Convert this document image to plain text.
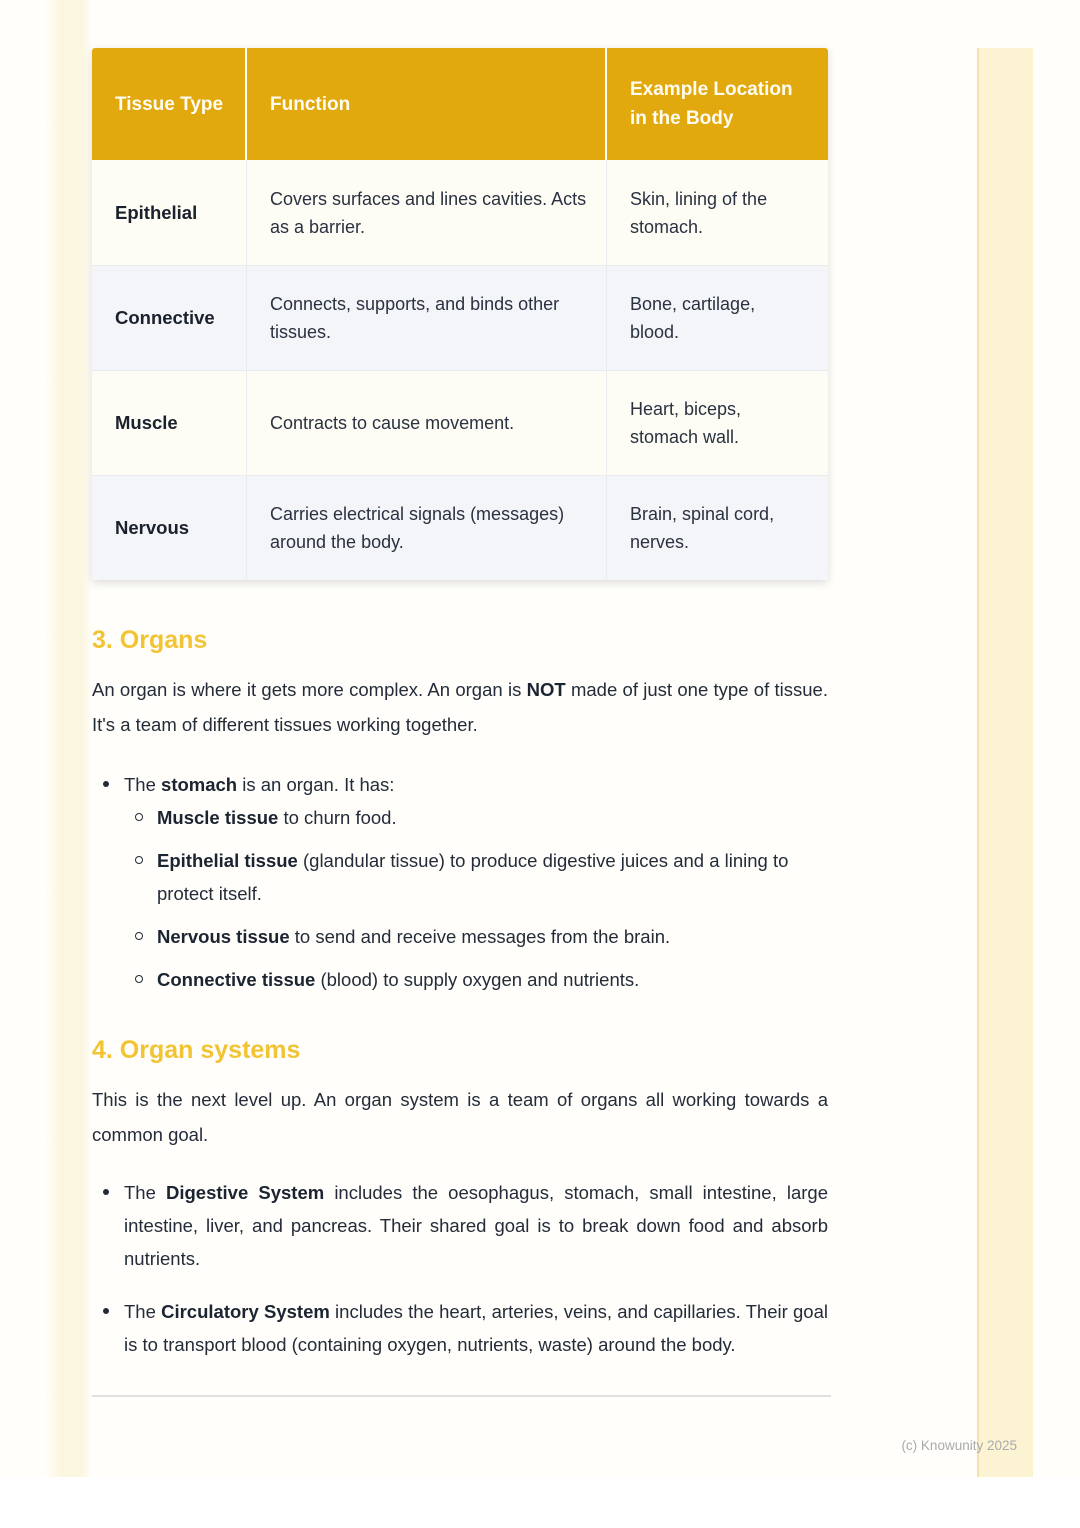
Tissue Type	Function
Example Location in the Body
Epithelial
Covers surfaces and lines cavities. Acts as a barrier.
Skin, lining of the stomach.
Connective
Connects, supports, and binds other tissues.
Bone, cartilage, blood.
Muscle	Contracts to cause movement.
Heart, biceps, stomach wall.
Nervous
Carries electrical signals (messages) around the body.
Brain, spinal cord, nerves.
3. Organs

An organ is where it gets more complex. An organ is NOT made of just one type of tissue. It's a team of different tissues working together.

The stomach is an organ. It has:
Muscle tissue to churn food.
Epithelial tissue (glandular tissue) to produce digestive juices and a lining to protect itself.
Nervous tissue to send and receive messages from the brain.
Connective tissue (blood) to supply oxygen and nutrients.
4. Organ systems

This is the next level up. An organ system is a team of organs all working towards a common goal.

The Digestive System includes the oesophagus, stomach, small intestine, large intestine, liver, and pancreas. Their shared goal is to break down food and absorb nutrients.
The Circulatory System includes the heart, arteries, veins, and capillaries. Their goal is to transport blood (containing oxygen, nutrients, waste) around the body.
(c) Knowunity 2025
